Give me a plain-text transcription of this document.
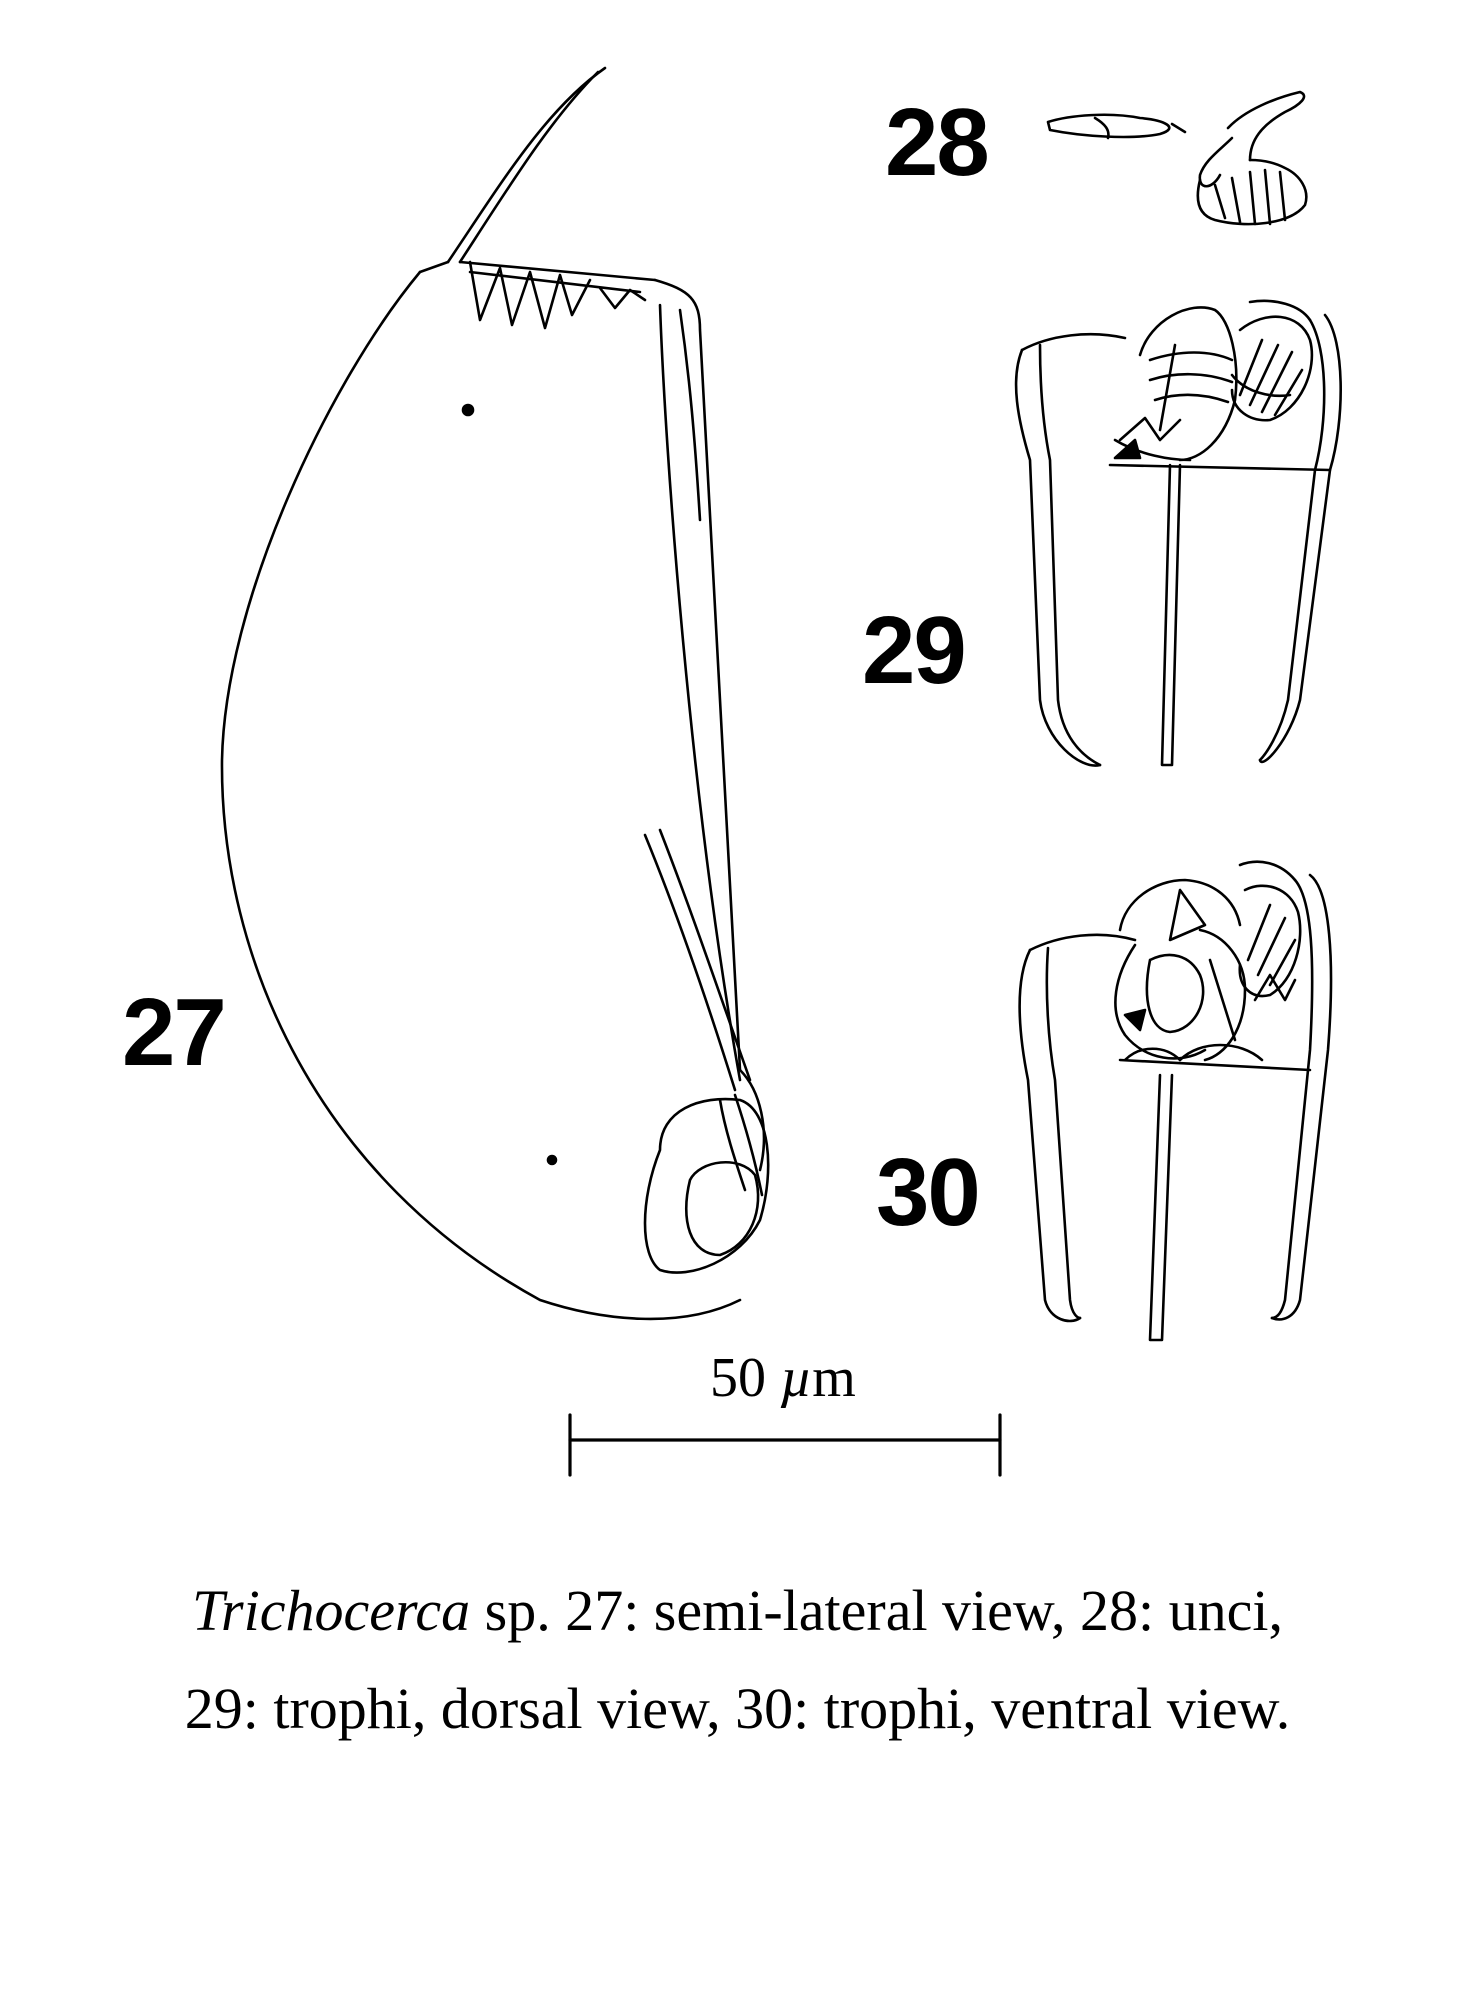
27
28
29
30
50 µm
Trichocerca sp. 27: semi-lateral view, 28: unci,
29: trophi, dorsal view, 30: trophi, ventral view.
